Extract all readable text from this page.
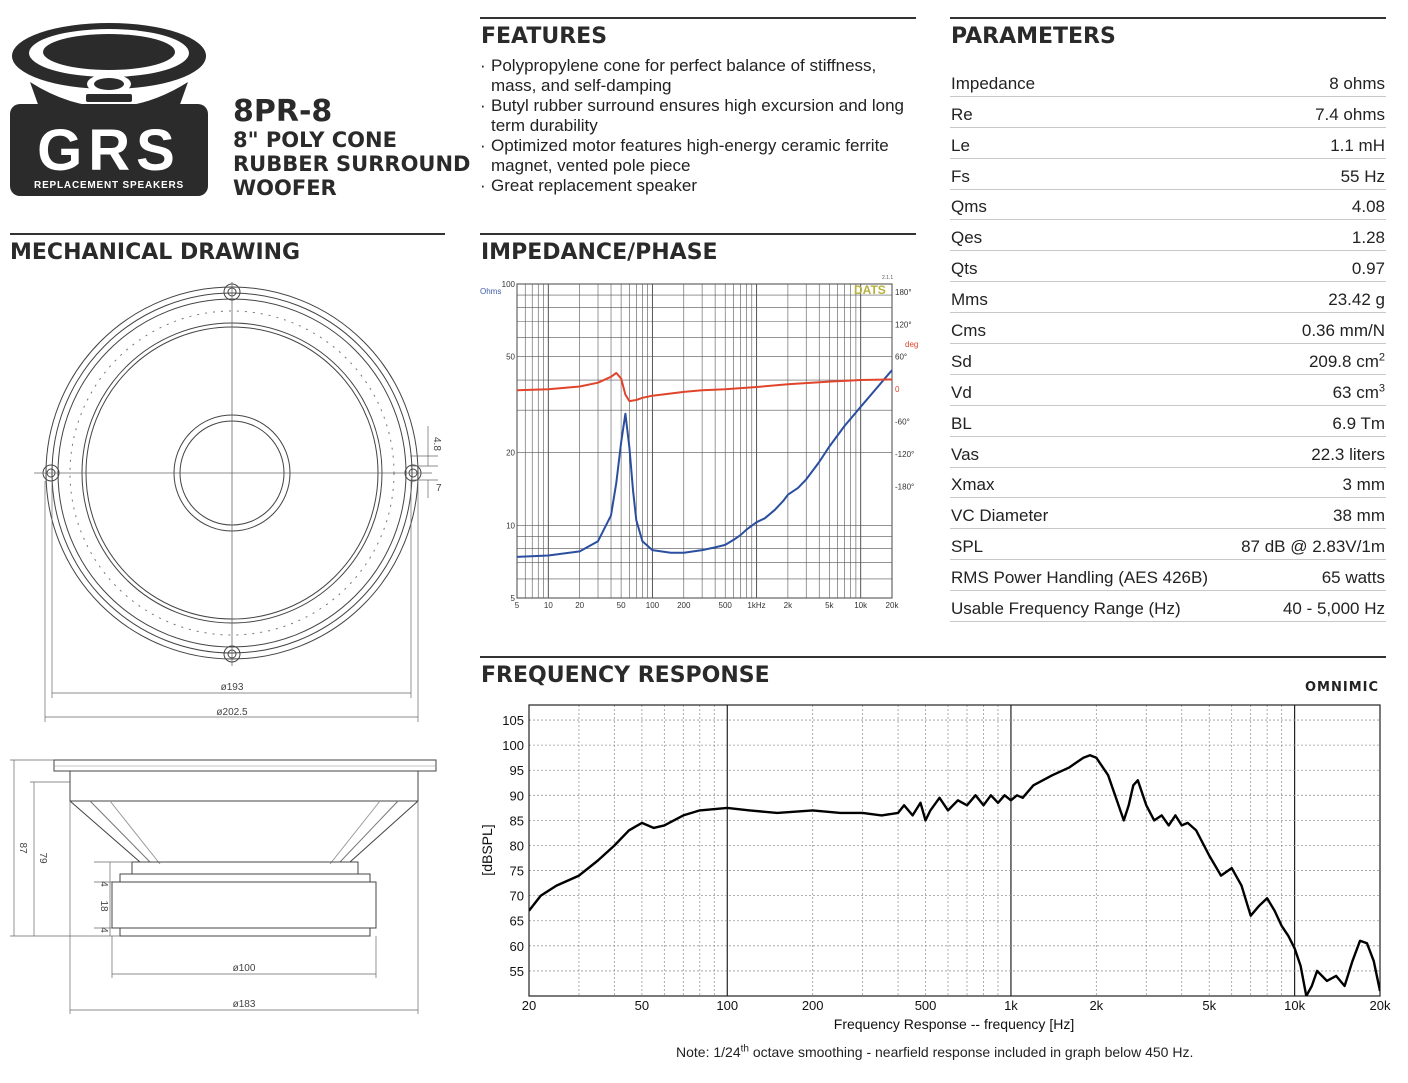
GRS
REPLACEMENT SPEAKERS
8PR-8
8" POLY CONE
RUBBER SURROUND
WOOFER
FEATURES

· Polypropylene cone for perfect balance of stiffness, mass, and self-damping

· Butyl rubber surround ensures high excursion and long term durability

· Optimized motor features high-energy ceramic ferrite magnet, vented pole piece

· Great replacement speaker

PARAMETERS
Impedance	8 ohms
Re	7.4 ohms
Le	1.1 mH
Fs	55 Hz
Qms	4.08
Qes	1.28
Qts	0.97
Mms	23.42 g
Cms	0.36 mm/N
Sd	209.8 $cm^2$
Vd	63 $cm^3$
BL	6.9 Tm
Vas	22.3 liters
Xmax	3 mm
VC Diameter	38 mm
SPL	87 dB @ 2.83V/1m
RMS Power Handling (AES 426B)	65 watts
Usable Frequency Range (Hz)	40 - 5,000 Hz
MECHANICAL DRAWING
4.8
7
ø193
ø202.5
87
79
4
18
4
ø100
ø183
IMPEDANCE/PHASE
5	10	20	50	100 200	500 1kHz 2k	5k	10k 20k
100
50
20
10
5
180°
120°
60°
0
-60°
-120°
-180°
Ohms	DATS
2.1.1
deg
FREQUENCY RESPONSE	OMNIMIC
20	50	100	200	500	1k	2k	5k	10k	20k
105
100
95
90
85
80
75
70
65
60
55
Frequency Response -- frequency [Hz]
[dBSPL]
Note: 1/24th octave smoothing - nearfield response included in graph below 450 Hz.
